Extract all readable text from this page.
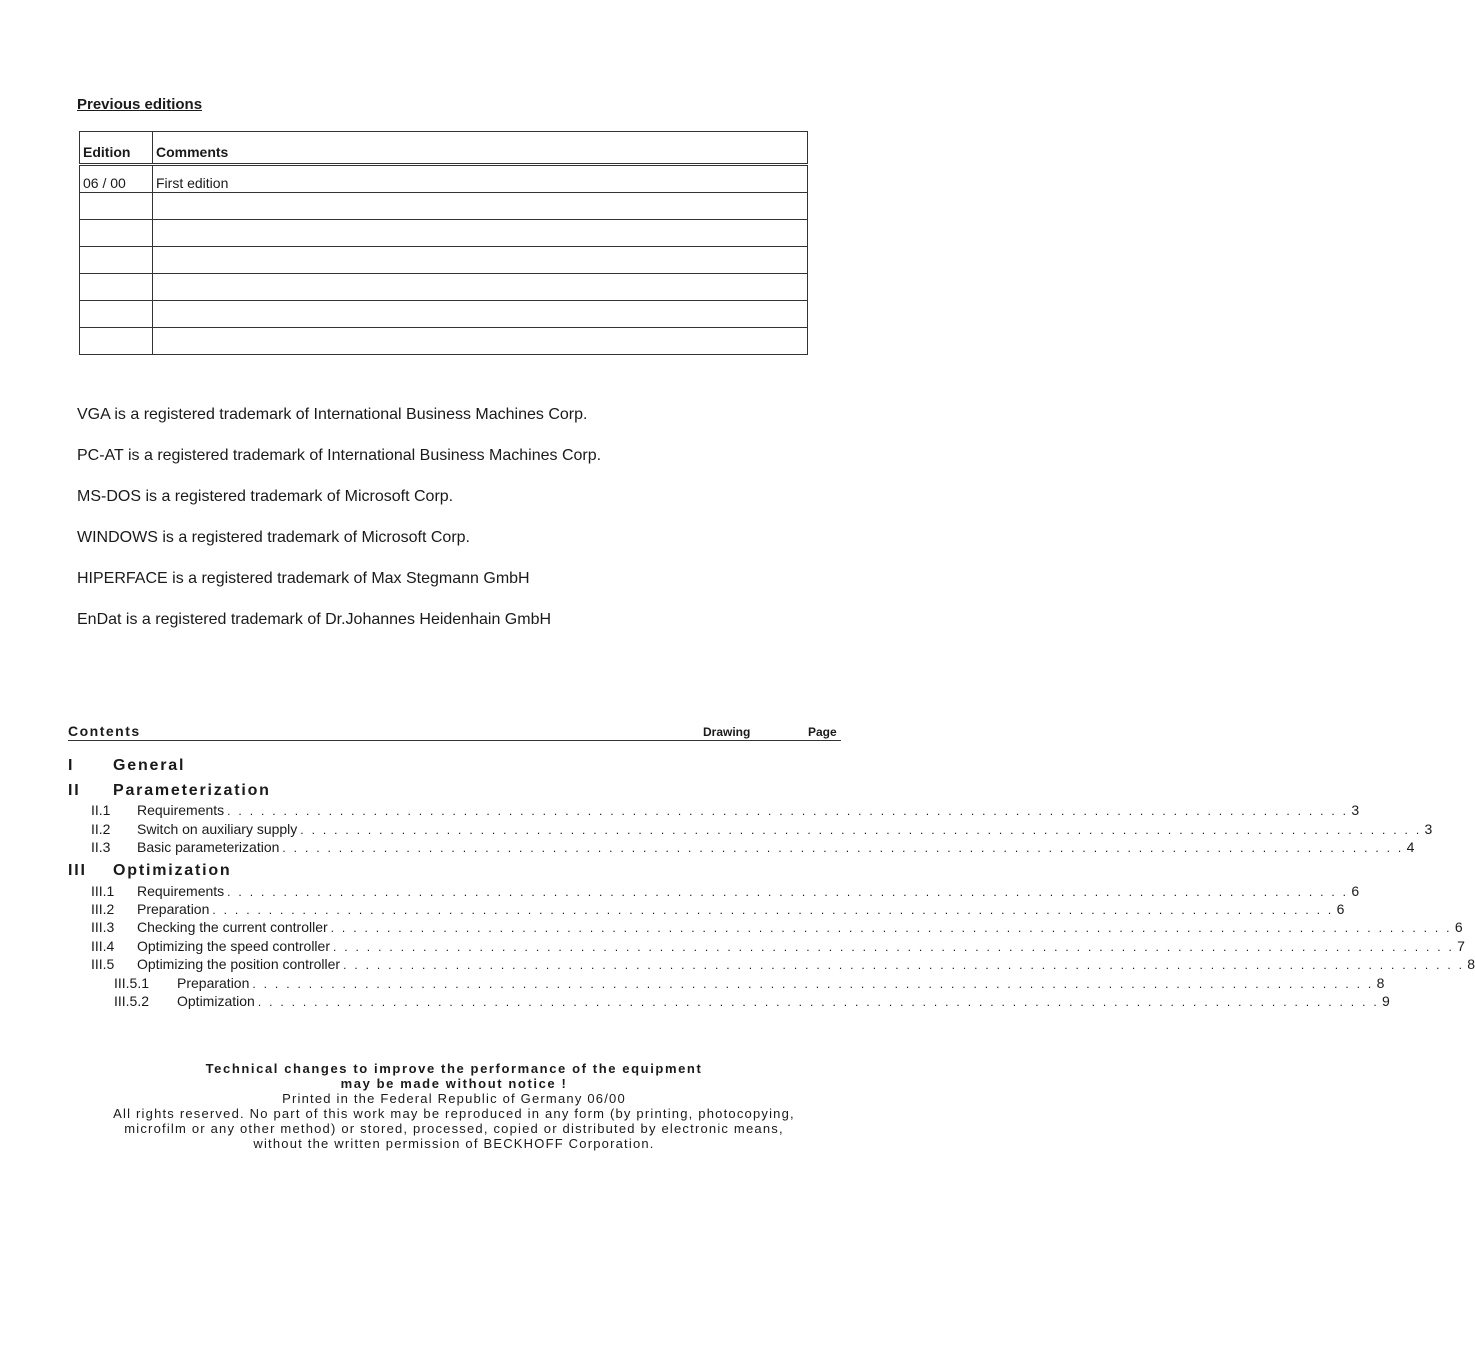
Previous editions
Edition	Comments
06 / 00	First edition

VGA is a registered trademark of International Business Machines Corp.
PC-AT is a registered trademark of International Business Machines Corp.
MS-DOS is a registered trademark of Microsoft Corp.
WINDOWS is a registered trademark of Microsoft Corp.
HIPERFACE is a registered trademark of Max Stegmann GmbH
EnDat is a registered trademark of Dr.Johannes Heidenhain GmbH
Contents	Drawing	Page
I General
II Parameterization
II.1	Requirements . . . . . . . . . . . . . . . . . . . . . . . . . . . . . . . . . . . . . . . . . . . . . . . . . . . . . . . . . . . . . . . . . . . . . . . . . . . . . . . . . . . . . . . . . . . . . . . . . . . . 3
II.2	Switch on auxiliary supply . . . . . . . . . . . . . . . . . . . . . . . . . . . . . . . . . . . . . . . . . . . . . . . . . . . . . . . . . . . . . . . . . . . . . . . . . . . . . . . . . . . . . . . . . . . . . . . . . . . . 3
II.3	Basic parameterization . . . . . . . . . . . . . . . . . . . . . . . . . . . . . . . . . . . . . . . . . . . . . . . . . . . . . . . . . . . . . . . . . . . . . . . . . . . . . . . . . . . . . . . . . . . . . . . . . . . . 4
III Optimization
III.1	Requirements . . . . . . . . . . . . . . . . . . . . . . . . . . . . . . . . . . . . . . . . . . . . . . . . . . . . . . . . . . . . . . . . . . . . . . . . . . . . . . . . . . . . . . . . . . . . . . . . . . . . 6
III.2	Preparation . . . . . . . . . . . . . . . . . . . . . . . . . . . . . . . . . . . . . . . . . . . . . . . . . . . . . . . . . . . . . . . . . . . . . . . . . . . . . . . . . . . . . . . . . . . . . . . . . . . . 6
III.3	Checking the current controller . . . . . . . . . . . . . . . . . . . . . . . . . . . . . . . . . . . . . . . . . . . . . . . . . . . . . . . . . . . . . . . . . . . . . . . . . . . . . . . . . . . . . . . . . . . . . . . . . . . . 6
III.4	Optimizing the speed controller . . . . . . . . . . . . . . . . . . . . . . . . . . . . . . . . . . . . . . . . . . . . . . . . . . . . . . . . . . . . . . . . . . . . . . . . . . . . . . . . . . . . . . . . . . . . . . . . . . . . 7
III.5	Optimizing the position controller . . . . . . . . . . . . . . . . . . . . . . . . . . . . . . . . . . . . . . . . . . . . . . . . . . . . . . . . . . . . . . . . . . . . . . . . . . . . . . . . . . . . . . . . . . . . . . . . . . . . 8
III.5.1	Preparation . . . . . . . . . . . . . . . . . . . . . . . . . . . . . . . . . . . . . . . . . . . . . . . . . . . . . . . . . . . . . . . . . . . . . . . . . . . . . . . . . . . . . . . . . . . . . . . . . . . . 8
III.5.2	Optimization . . . . . . . . . . . . . . . . . . . . . . . . . . . . . . . . . . . . . . . . . . . . . . . . . . . . . . . . . . . . . . . . . . . . . . . . . . . . . . . . . . . . . . . . . . . . . . . . . . . . 9
Technical changes to improve the performance of the equipment
may be made without notice !
Printed in the Federal Republic of Germany 06/00
All rights reserved. No part of this work may be reproduced in any form (by printing, photocopying,
microfilm or any other method) or stored, processed, copied or distributed by electronic means,
without the written permission of BECKHOFF Corporation.
